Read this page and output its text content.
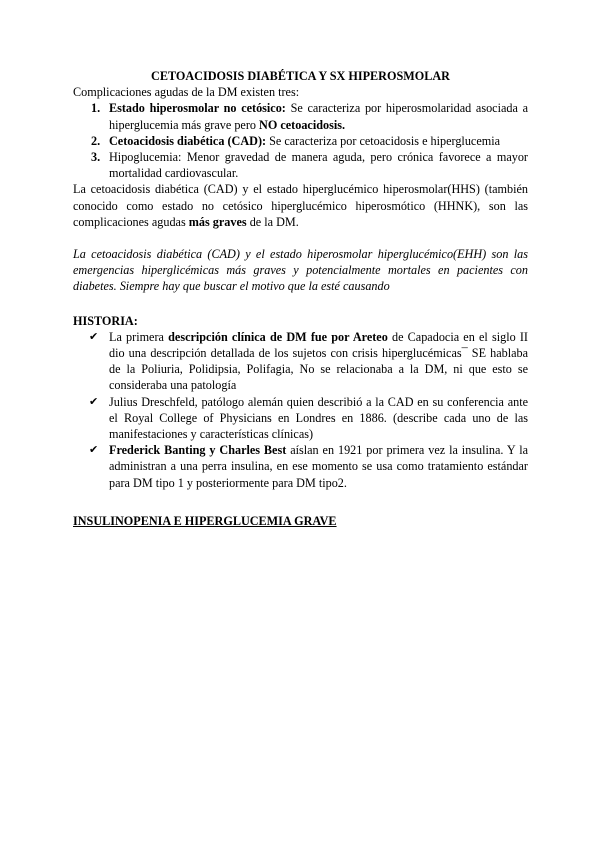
CETOACIDOSIS DIABÉTICA Y SX HIPEROSMOLAR

Complicaciones agudas de la DM existen tres:

1. Estado hiperosmolar no cetósico: Se caracteriza por hiperosmolaridad asociada a hiperglucemia más grave pero NO cetoacidosis.
2. Cetoacidosis diabética (CAD): Se caracteriza por cetoacidosis e hiperglucemia
3. Hipoglucemia: Menor gravedad de manera aguda, pero crónica favorece a mayor mortalidad cardiovascular.

La cetoacidosis diabética (CAD) y el estado hiperglucémico hiperosmolar(HHS) (también conocido como estado no cetósico hiperglucémico hiperosmótico (HHNK), son las complicaciones agudas más graves de la DM.

La cetoacidosis diabética (CAD) y el estado hiperosmolar hiperglucémico(EHH) son las emergencias hiperglicémicas más graves y potencialmente mortales en pacientes con diabetes. Siempre hay que buscar el motivo que la esté causando

HISTORIA:

✔ La primera descripción clínica de DM fue por Areteo de Capadocia en el siglo II dio una descripción detallada de los sujetos con crisis hiperglucémicas¯ SE hablaba de la Poliuria, Polidipsia, Polifagia, No se relacionaba a la DM, ni que esto se consideraba una patología
✔ Julius Dreschfeld, patólogo alemán quien describió a la CAD en su conferencia ante el Royal College of Physicians en Londres en 1886. (describe cada uno de las manifestaciones y características clínicas)
✔ Frederick Banting y Charles Best aíslan en 1921 por primera vez la insulina. Y la administran a una perra insulina, en ese momento se usa como tratamiento estándar para DM tipo 1 y posteriormente para DM tipo2.

INSULINOPENIA E HIPERGLUCEMIA GRAVE
